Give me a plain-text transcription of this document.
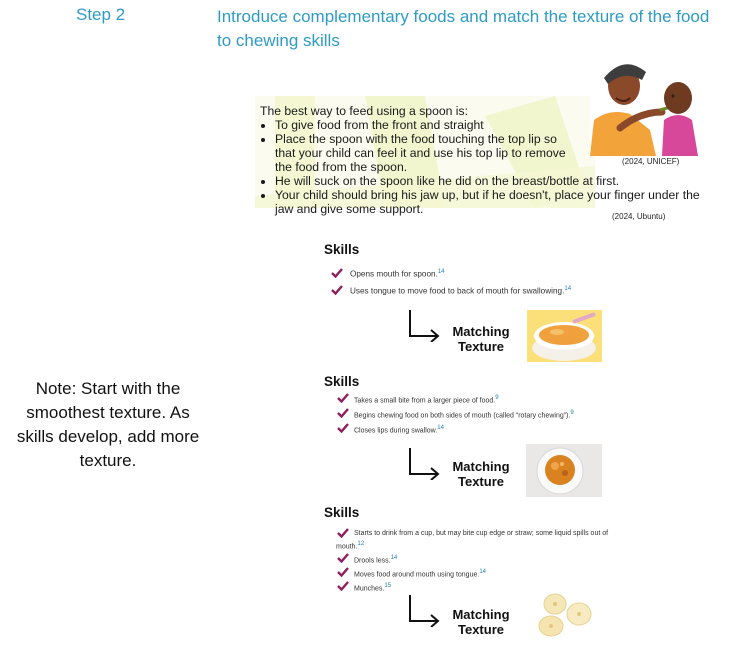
Step 2	Introduce complementary foods and match the texture of the food to chewing skills
The best way to feed using a spoon is:
• To give food from the front and straight
• Place the spoon with the food touching the top lip so that your child can feel it and use his top lip to remove the food from the spoon.
• He will suck on the spoon like he did on the breast/bottle at first.
• Your child should bring his jaw up, but if he doesn't, place your finger under the jaw and give some support.
(2024, UNICEF)
(2024, Ubuntu)
Note: Start with the smoothest texture. As skills develop, add more texture.
Skills
Opens mouth for spoon.$^{14}$
Uses tongue to move food to back of mouth for swallowing.$^{14}$
Matching Texture
Skills
Takes a small bite from a larger piece of food.$^9$
Begins chewing food on both sides of mouth (called “rotary chewing”).$^9$
Closes lips during swallow.$^{14}$
Matching Texture
Skills
Starts to drink from a cup, but may bite cup edge or straw; some liquid spills out of
mouth.$^{12}$
Drools less.$^{14}$
Moves food around mouth using tongue.$^{14}$
Munches.$^{15}$
Matching Texture
